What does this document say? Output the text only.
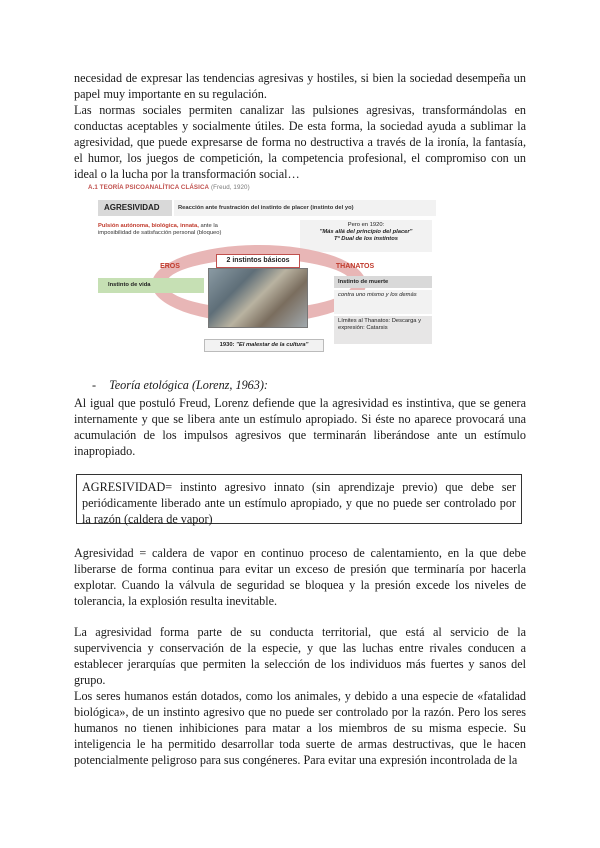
necesidad de expresar las tendencias agresivas y hostiles, si bien la sociedad desempeña un papel muy importante en su regulación.

Las normas sociales permiten canalizar las pulsiones agresivas, transformándolas en conductas aceptables y socialmente útiles. De esta forma, la sociedad ayuda a sublimar la agresividad, que puede expresarse de forma no destructiva a través de la ironía, la fantasía, el humor, los juegos de competición, la competencia profesional, el compromiso con un ideal o la lucha por la transformación social…

A.1 TEORÍA PSICOANALÍTICA CLÁSICA (Freud, 1920)
AGRESIVIDAD	Reacción ante frustración del instinto de placer (instinto del yo)
Pulsión autónoma, biológica, innata, ante la imposibilidad de satisfacción personal (bloqueo)
Pero en 1920:
"Más allá del principio del placer"
Tª Dual de los instintos
2 instintos básicos
EROS	THANATOS
Instinto de vida	Instinto de muerte
contra uno mismo y los demás
Límites al Thanatos: Descarga y expresión: Catarsis
1930: "El malestar de la cultura"
- Teoría etológica (Lorenz, 1963):

Al igual que postuló Freud, Lorenz defiende que la agresividad es instintiva, que se genera internamente y que se libera ante un estímulo apropiado. Si éste no aparece provocará una acumulación de los impulsos agresivos que terminarán liberándose ante un estímulo inapropiado.

AGRESIVIDAD= instinto agresivo innato (sin aprendizaje previo) que debe ser periódicamente liberado ante un estímulo apropiado, y que no puede ser controlado por la razón (caldera de vapor)

Agresividad = caldera de vapor en continuo proceso de calentamiento, en la que debe liberarse de forma continua para evitar un exceso de presión que terminaría por hacerla explotar. Cuando la válvula de seguridad se bloquea y la presión excede los niveles de tolerancia, la explosión resulta inevitable.

La agresividad forma parte de su conducta territorial, que está al servicio de la supervivencia y conservación de la especie, y que las luchas entre rivales conducen a establecer jerarquías que permiten la selección de los individuos más fuertes y sanos del grupo.

Los seres humanos están dotados, como los animales, y debido a una especie de «fatalidad biológica», de un instinto agresivo que no puede ser controlado por la razón. Pero los seres humanos no tienen inhibiciones para matar a los miembros de su misma especie. Su inteligencia le ha permitido desarrollar toda suerte de armas destructivas, que le hacen potencialmente peligroso para sus congéneres. Para evitar una expresión incontrolada de la
